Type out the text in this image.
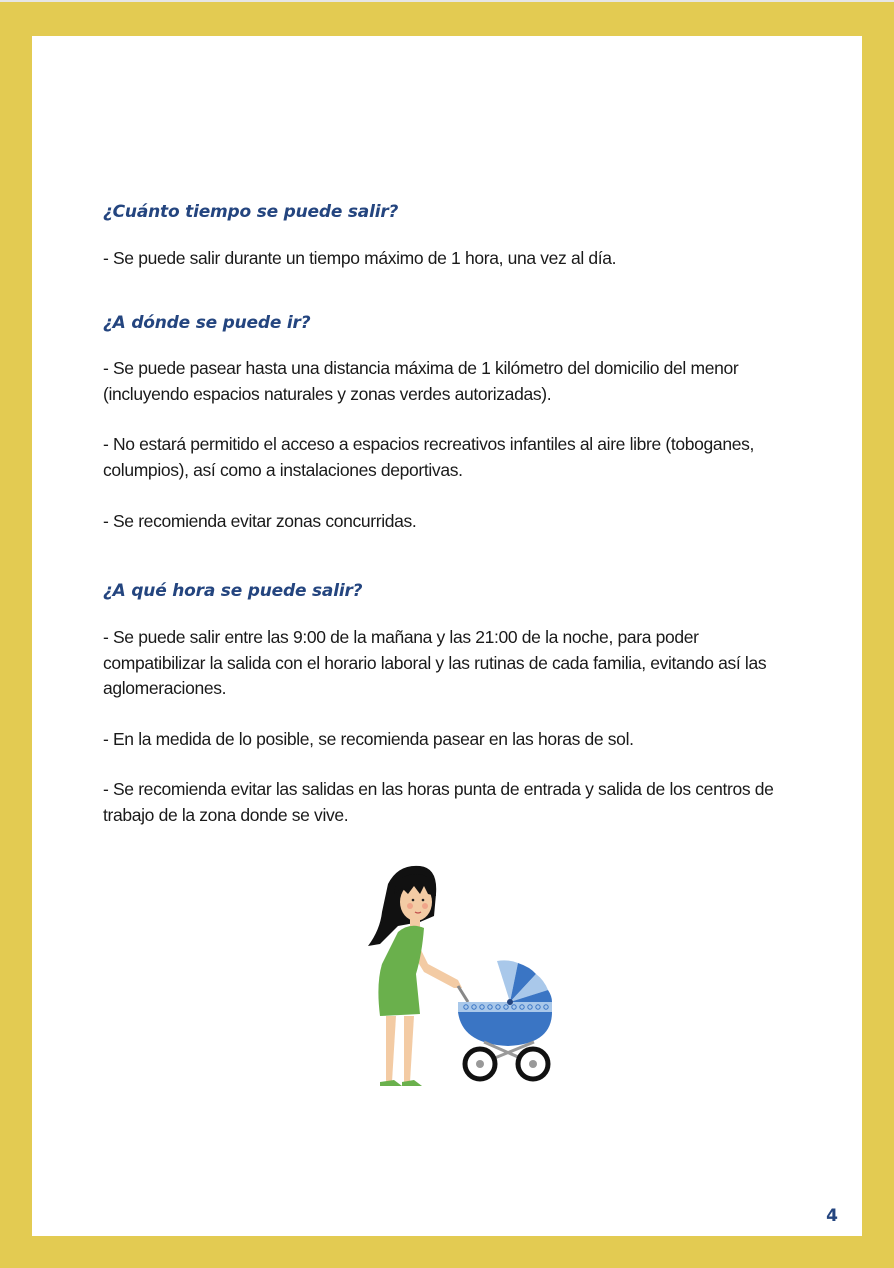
¿Cuánto tiempo se puede salir?

- Se puede salir durante un tiempo máximo de 1 hora, una vez al día.

¿A dónde se puede ir?

- Se puede pasear hasta una distancia máxima de 1 kilómetro del domicilio del menor (incluyendo espacios naturales y zonas verdes autorizadas).

- No estará permitido el acceso a espacios recreativos infantiles al aire libre (toboganes, columpios), así como a instalaciones deportivas.

- Se recomienda evitar zonas concurridas.

¿A qué hora se puede salir?

- Se puede salir entre las 9:00 de la mañana y las 21:00 de la noche, para poder compatibilizar la salida con el horario laboral y las rutinas de cada familia, evitando así las aglomeraciones.

- En la medida de lo posible, se recomienda pasear en las horas de sol.

- Se recomienda evitar las salidas en las horas punta de entrada y salida de los centros de trabajo de la zona donde se vive.

4
